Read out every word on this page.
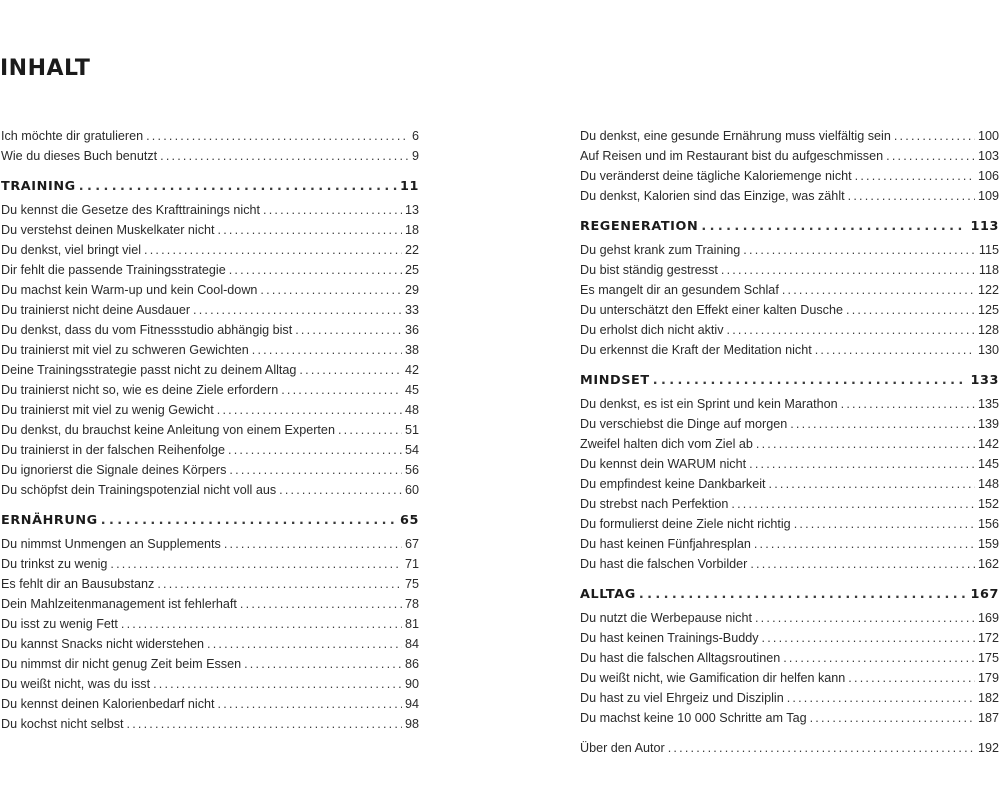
INHALT
Ich möchte dir gratulieren .....	6
Wie du dieses Buch benutzt .....	9
TRAINING .....	11
Du kennst die Gesetze des Krafttrainings nicht .....	13
Du verstehst deinen Muskelkater nicht .....	18
Du denkst, viel bringt viel .....	22
Dir fehlt die passende Trainingsstrategie .....	25
Du machst kein Warm-up und kein Cool-down .....	29
Du trainierst nicht deine Ausdauer .....	33
Du denkst, dass du vom Fitnessstudio abhängig bist .....	36
Du trainierst mit viel zu schweren Gewichten .....	38
Deine Trainingsstrategie passt nicht zu deinem Alltag .....	42
Du trainierst nicht so, wie es deine Ziele erfordern .....	45
Du trainierst mit viel zu wenig Gewicht .....	48
Du denkst, du brauchst keine Anleitung von einem Experten .....	51
Du trainierst in der falschen Reihenfolge .....	54
Du ignorierst die Signale deines Körpers .....	56
Du schöpfst dein Trainingspotenzial nicht voll aus .....	60
ERNÄHRUNG .....	65
Du nimmst Unmengen an Supplements .....	67
Du trinkst zu wenig .....	71
Es fehlt dir an Bausubstanz .....	75
Dein Mahlzeitenmanagement ist fehlerhaft .....	78
Du isst zu wenig Fett .....	81
Du kannst Snacks nicht widerstehen .....	84
Du nimmst dir nicht genug Zeit beim Essen .....	86
Du weißt nicht, was du isst .....	90
Du kennst deinen Kalorienbedarf nicht .....	94
Du kochst nicht selbst .....	98
Du denkst, eine gesunde Ernährung muss vielfältig sein .....	100
Auf Reisen und im Restaurant bist du aufgeschmissen .....	103
Du veränderst deine tägliche Kaloriemenge nicht .....	106
Du denkst, Kalorien sind das Einzige, was zählt .....	109
REGENERATION .....	113
Du gehst krank zum Training .....	115
Du bist ständig gestresst .....	118
Es mangelt dir an gesundem Schlaf .....	122
Du unterschätzt den Effekt einer kalten Dusche .....	125
Du erholst dich nicht aktiv .....	128
Du erkennst die Kraft der Meditation nicht .....	130
MINDSET .....	133
Du denkst, es ist ein Sprint und kein Marathon .....	135
Du verschiebst die Dinge auf morgen .....	139
Zweifel halten dich vom Ziel ab .....	142
Du kennst dein WARUM nicht .....	145
Du empfindest keine Dankbarkeit .....	148
Du strebst nach Perfektion .....	152
Du formulierst deine Ziele nicht richtig .....	156
Du hast keinen Fünfjahresplan .....	159
Du hast die falschen Vorbilder .....	162
ALLTAG .....	167
Du nutzt die Werbepause nicht .....	169
Du hast keinen Trainings-Buddy .....	172
Du hast die falschen Alltagsroutinen .....	175
Du weißt nicht, wie Gamification dir helfen kann .....	179
Du hast zu viel Ehrgeiz und Disziplin .....	182
Du machst keine 10 000 Schritte am Tag .....	187
Über den Autor .....	192
